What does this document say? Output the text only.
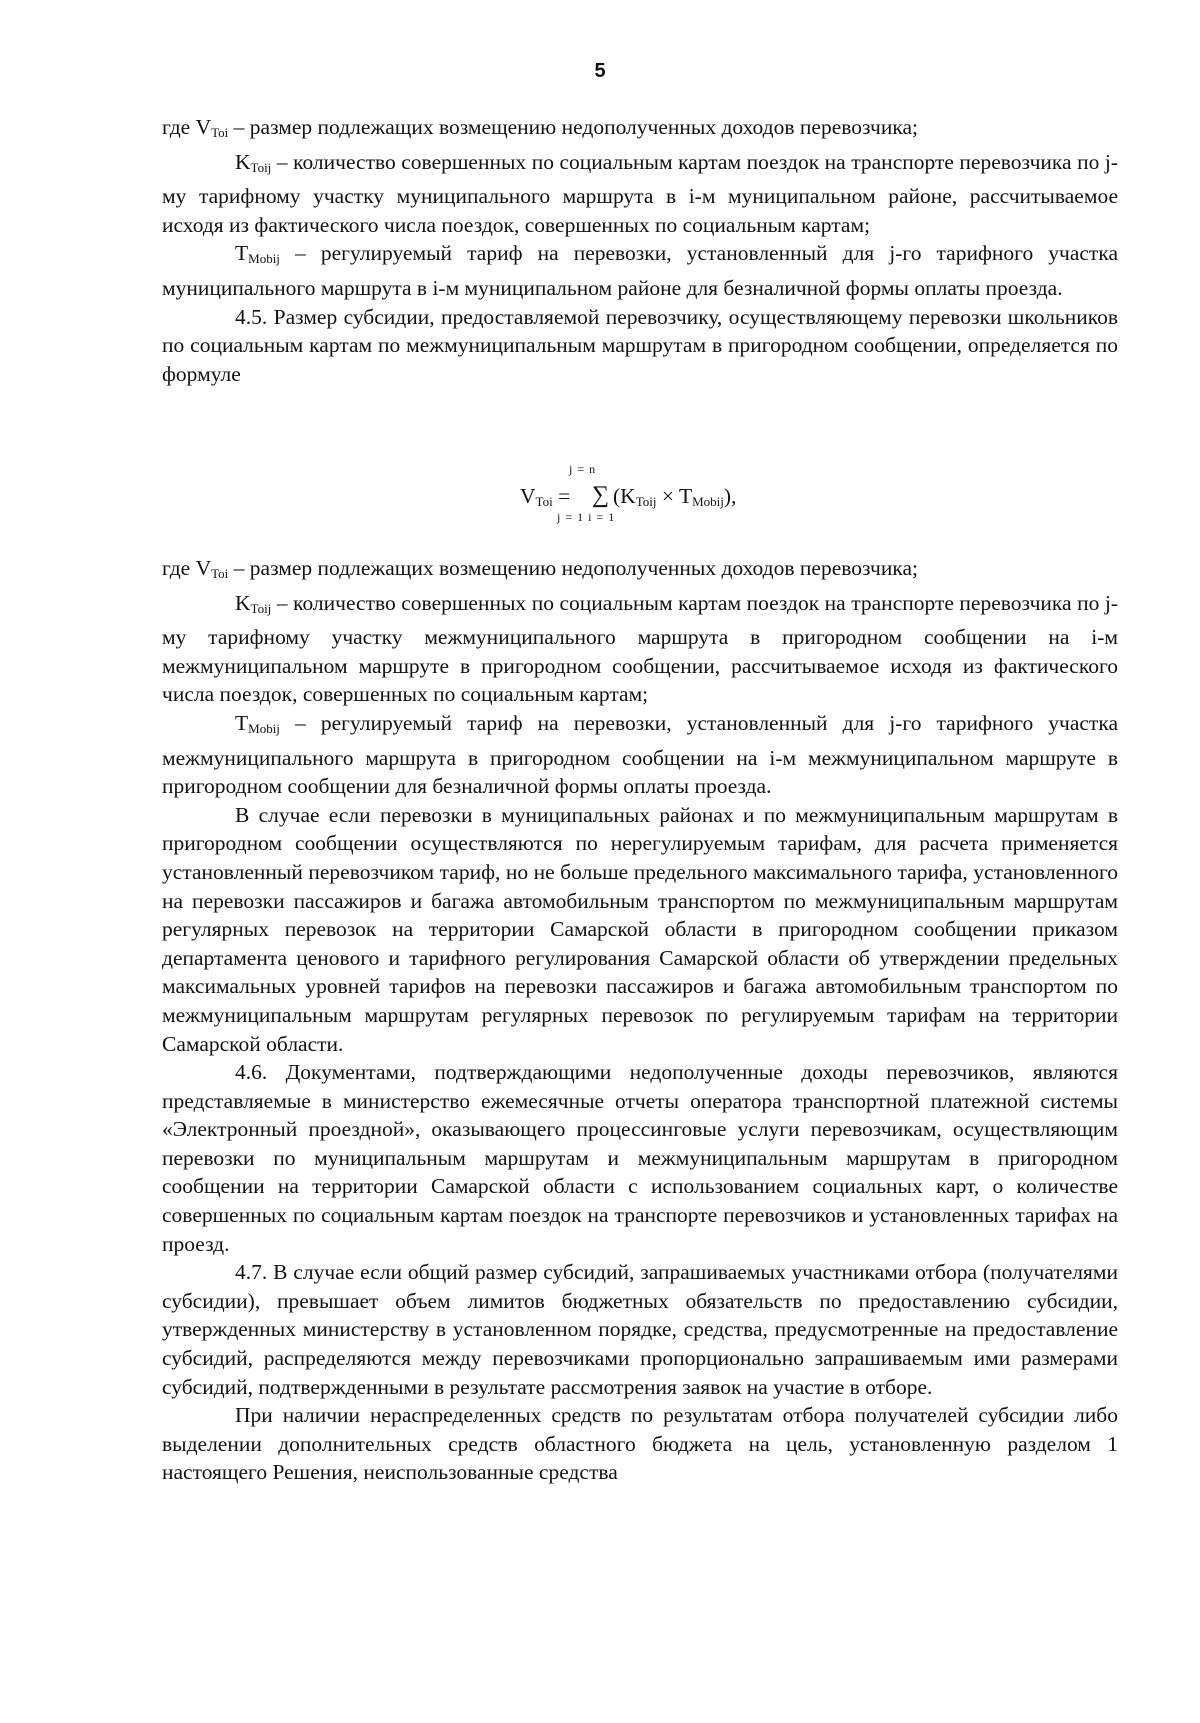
5

где $V_{Toi}$ – размер подлежащих возмещению недополученных доходов перевозчика;

$K_{Toij}$ – количество совершенных по социальным картам поездок на транспорте перевозчика по j-му тарифному участку муниципального маршрута в i-м муниципальном районе, рассчитываемое исходя из фактического числа поездок, совершенных по социальным картам;

$T_{Mobij}$ – регулируемый тариф на перевозки, установленный для j-го тарифного участка муниципального маршрута в i-м муниципальном районе для безналичной формы оплаты проезда.

4.5. Размер субсидии, предоставляемой перевозчику, осуществляющему перевозки школьников по социальным картам по межмуниципальным маршрутам в пригородном сообщении, определяется по формуле

$V_{Toi}$ =
j = n
∑
j = 1 i = 1
$(K_{Toij} \times T_{Mobij})$,

где $V_{Toi}$ – размер подлежащих возмещению недополученных доходов перевозчика;

$K_{Toij}$ – количество совершенных по социальным картам поездок на транспорте перевозчика по j-му тарифному участку межмуниципального маршрута в пригородном сообщении на i-м межмуниципальном маршруте в пригородном сообщении, рассчитываемое исходя из фактического числа поездок, совершенных по социальным картам;

$T_{Mobij}$ – регулируемый тариф на перевозки, установленный для j-го тарифного участка межмуниципального маршрута в пригородном сообщении на i-м межмуниципальном маршруте в пригородном сообщении для безналичной формы оплаты проезда.

В случае если перевозки в муниципальных районах и по межмуниципальным маршрутам в пригородном сообщении осуществляются по нерегулируемым тарифам, для расчета применяется установленный перевозчиком тариф, но не больше предельного максимального тарифа, установленного на перевозки пассажиров и багажа автомобильным транспортом по межмуниципальным маршрутам регулярных перевозок на территории Самарской области в пригородном сообщении приказом департамента ценового и тарифного регулирования Самарской области об утверждении предельных максимальных уровней тарифов на перевозки пассажиров и багажа автомобильным транспортом по межмуниципальным маршрутам регулярных перевозок по регулируемым тарифам на территории Самарской области.

4.6. Документами, подтверждающими недополученные доходы перевозчиков, являются представляемые в министерство ежемесячные отчеты оператора транспортной платежной системы «Электронный проездной», оказывающего процессинговые услуги перевозчикам, осуществляющим перевозки по муниципальным маршрутам и межмуниципальным маршрутам в пригородном сообщении на территории Самарской области с использованием социальных карт, о количестве совершенных по социальным картам поездок на транспорте перевозчиков и установленных тарифах на проезд.

4.7. В случае если общий размер субсидий, запрашиваемых участниками отбора (получателями субсидии), превышает объем лимитов бюджетных обязательств по предоставлению субсидии, утвержденных министерству в установленном порядке, средства, предусмотренные на предоставление субсидий, распределяются между перевозчиками пропорционально запрашиваемым ими размерами субсидий, подтвержденными в результате рассмотрения заявок на участие в отборе.

При наличии нераспределенных средств по результатам отбора получателей субсидии либо выделении дополнительных средств областного бюджета на цель, установленную разделом 1 настоящего Решения, неиспользованные средства
